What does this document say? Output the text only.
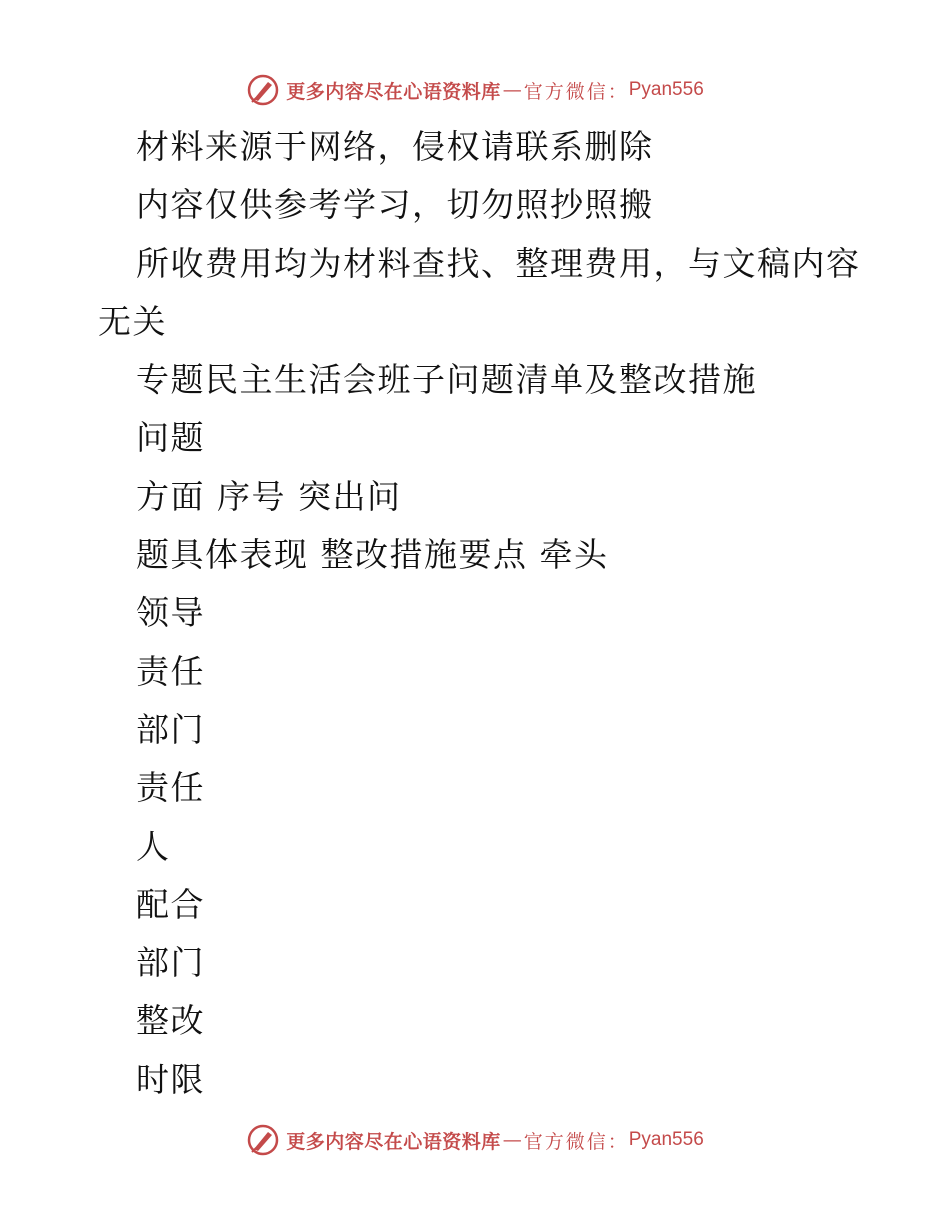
更多内容尽在心语资料库 — 官方微信： Pyan556
材料来源于网络，侵权请联系删除
内容仅供参考学习，切勿照抄照搬
所收费用均为材料查找、整理费用，与文稿内容
无关
专题民主生活会班子问题清单及整改措施
问题
方面 序号 突出问
题具体表现 整改措施要点 牵头
领导
责任
部门
责任
人
配合
部门
整改
时限
更多内容尽在心语资料库 — 官方微信： Pyan556
